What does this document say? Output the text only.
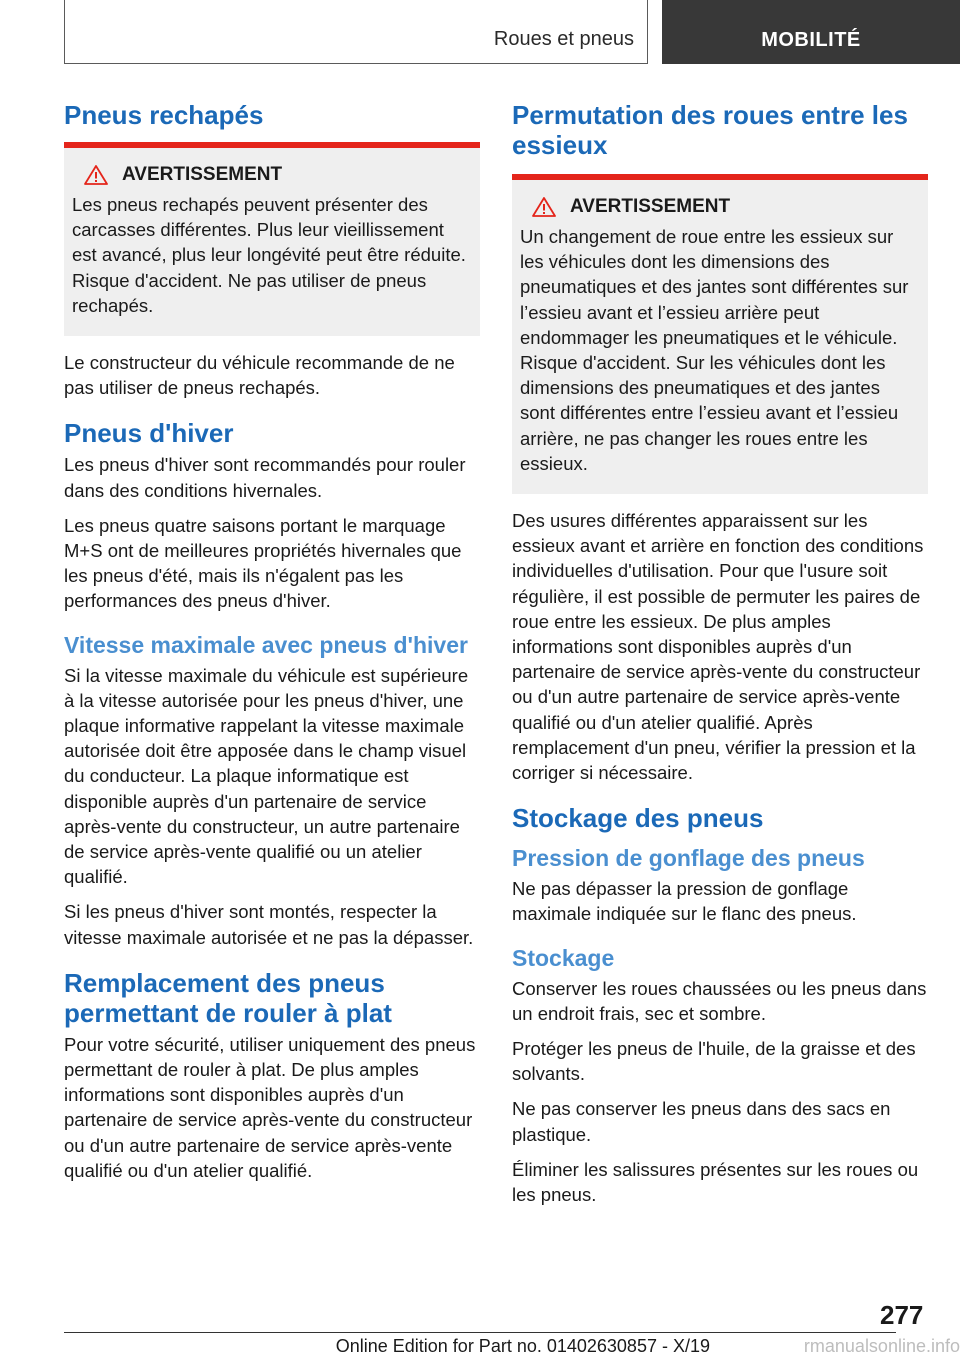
Roues et pneus	MOBILITÉ
Pneus rechapés
AVERTISSEMENT

Les pneus rechapés peuvent présenter des carcasses différentes. Plus leur vieillissement est avancé, plus leur longévité peut être réduite. Risque d'accident. Ne pas utiliser de pneus rechapés.

Le constructeur du véhicule recommande de ne pas utiliser de pneus rechapés.

Pneus d'hiver

Les pneus d'hiver sont recommandés pour rouler dans des conditions hivernales.

Les pneus quatre saisons portant le marquage M+S ont de meilleures propriétés hivernales que les pneus d'été, mais ils n'égalent pas les performances des pneus d'hiver.

Vitesse maximale avec pneus d'hiver

Si la vitesse maximale du véhicule est supérieure à la vitesse autorisée pour les pneus d'hiver, une plaque informative rappelant la vitesse maximale autorisée doit être apposée dans le champ visuel du conducteur. La plaque informatique est disponible auprès d'un partenaire de service après-vente du constructeur, un autre partenaire de service après-vente qualifié ou un atelier qualifié.

Si les pneus d'hiver sont montés, respecter la vitesse maximale autorisée et ne pas la dépasser.

Remplacement des pneus permettant de rouler à plat

Pour votre sécurité, utiliser uniquement des pneus permettant de rouler à plat. De plus amples informations sont disponibles auprès d'un partenaire de service après-vente du constructeur ou d'un autre partenaire de service après-vente qualifié ou d'un atelier qualifié.

Permutation des roues entre les essieux
AVERTISSEMENT

Un changement de roue entre les essieux sur les véhicules dont les dimensions des pneumatiques et des jantes sont différentes sur l’essieu avant et l’essieu arrière peut endommager les pneumatiques et le véhicule. Risque d'accident. Sur les véhicules dont les dimensions des pneumatiques et des jantes sont différentes entre l’essieu avant et l’essieu arrière, ne pas changer les roues entre les essieux.

Des usures différentes apparaissent sur les essieux avant et arrière en fonction des conditions individuelles d'utilisation. Pour que l'usure soit régulière, il est possible de permuter les paires de roue entre les essieux. De plus amples informations sont disponibles auprès d'un partenaire de service après-vente du constructeur ou d'un autre partenaire de service après-vente qualifié ou d'un atelier qualifié. Après remplacement d'un pneu, vérifier la pression et la corriger si nécessaire.

Stockage des pneus
Pression de gonflage des pneus

Ne pas dépasser la pression de gonflage maximale indiquée sur le flanc des pneus.

Stockage

Conserver les roues chaussées ou les pneus dans un endroit frais, sec et sombre.

Protéger les pneus de l'huile, de la graisse et des solvants.

Ne pas conserver les pneus dans des sacs en plastique.

Éliminer les salissures présentes sur les roues ou les pneus.

277
Online Edition for Part no. 01402630857 - X/19	rmanualsonline.info
